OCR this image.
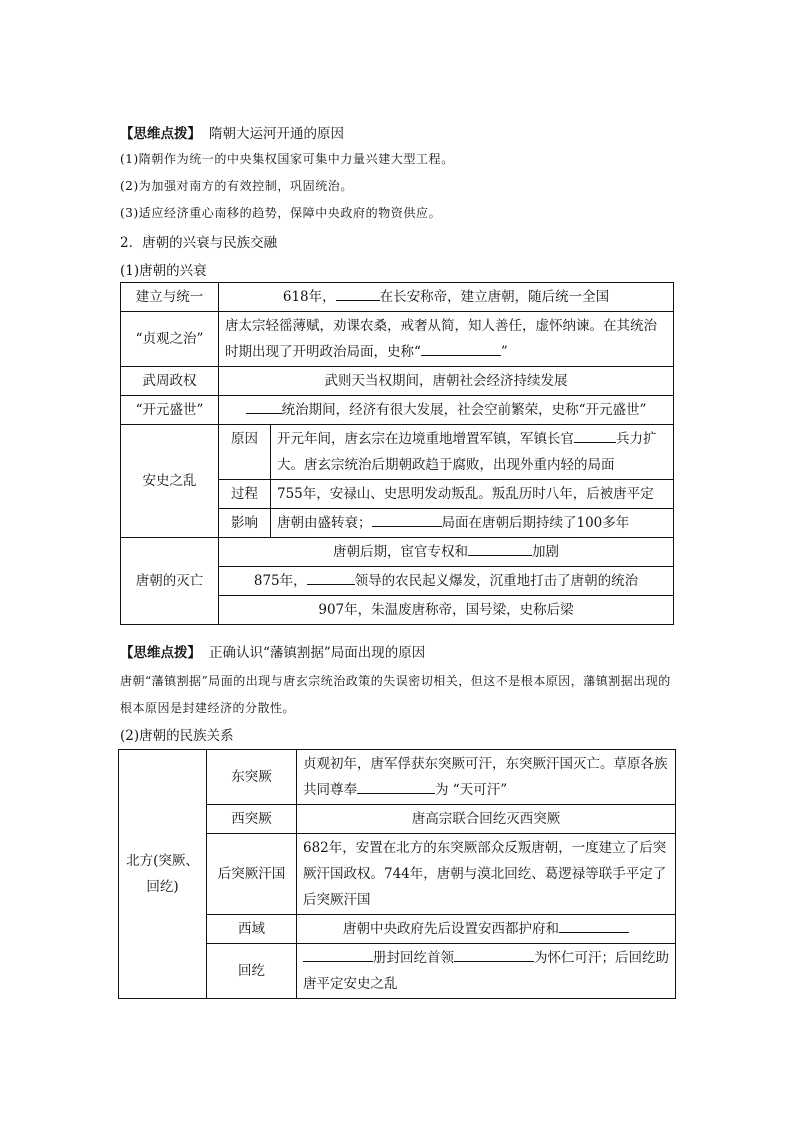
【思维点拨】 隋朝大运河开通的原因
(1)隋朝作为统一的中央集权国家可集中力量兴建大型工程。
(2)为加强对南方的有效控制，巩固统治。
(3)适应经济重心南移的趋势，保障中央政府的物资供应。
2．唐朝的兴衰与民族交融
(1)唐朝的兴衰
建立与统一	618年， 在长安称帝，建立唐朝，随后统一全国	
“贞观之治”	唐太宗轻徭薄赋，劝课农桑，戒奢从简，知人善任，虚怀纳谏。在其统治时期出现了开明政治局面，史称“ ”	
武周政权	武则天当权期间，唐朝社会经济持续发展	
“开元盛世”	统治期间，经济有很大发展，社会空前繁荣，史称“开元盛世”	
安史之乱	原因	开元年间，唐玄宗在边境重地增置军镇，军镇长官 兵力扩大。唐玄宗统治后期朝政趋于腐败，出现外重内轻的局面
	过程	755年，安禄山、史思明发动叛乱。叛乱历时八年，后被唐平定
	影响	唐朝由盛转衰； 局面在唐朝后期持续了100多年
唐朝的灭亡	唐朝后期，宦官专权和 加剧	
	875年， 领导的农民起义爆发，沉重地打击了唐朝的统治	
	907年，朱温废唐称帝，国号梁，史称后梁	
【思维点拨】 正确认识“藩镇割据”局面出现的原因
唐朝“藩镇割据”局面的出现与唐玄宗统治政策的失误密切相关，但这不是根本原因，藩镇割据出现的根本原因是封建经济的分散性。
(2)唐朝的民族关系
北方(突厥、回纥)	东突厥	贞观初年，唐军俘获东突厥可汗，东突厥汗国灭亡。草原各族共同尊奉 为 “天可汗”
	西突厥	唐高宗联合回纥灭西突厥
	后突厥汗国	682年，安置在北方的东突厥部众反叛唐朝，一度建立了后突厥汗国政权。744年，唐朝与漠北回纥、葛逻禄等联手平定了后突厥汗国
	西域	唐朝中央政府先后设置安西都护府和
	回纥	册封回纥首领 为怀仁可汗；后回纥助唐平定安史之乱
